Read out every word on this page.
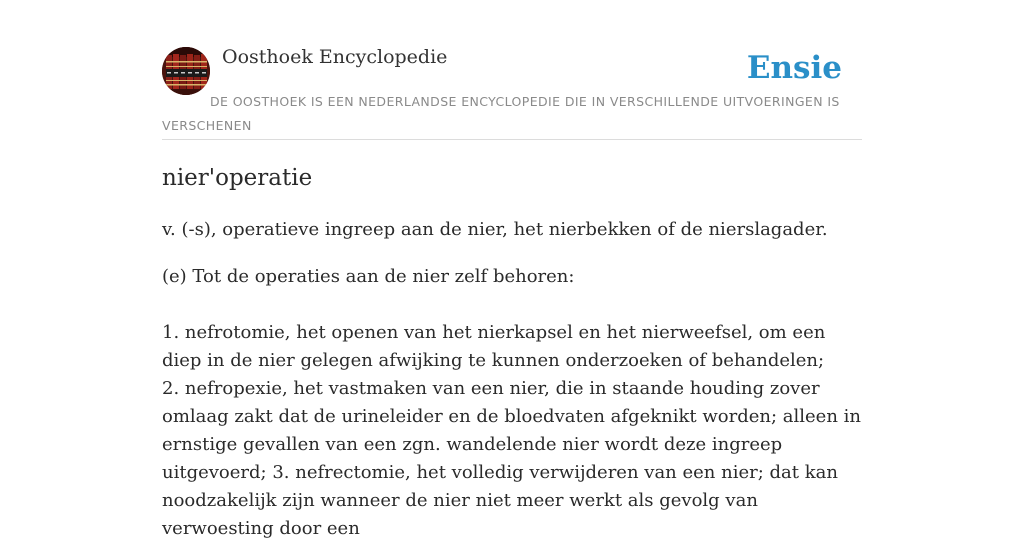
Oosthoek Encyclopedie	Ensie
DE OOSTHOEK IS EEN NEDERLANDSE ENCYCLOPEDIE DIE IN VERSCHILLENDE UITVOERINGEN IS VERSCHENEN
nier'operatie

v. (-s), operatieve ingreep aan de nier, het nierbekken of de nierslagader.

(e) Tot de operaties aan de nier zelf behoren:
1. nefrotomie, het openen van het nierkapsel en het nierweefsel, om een diep in de nier gelegen afwijking te kunnen onderzoeken of behandelen;
2. nefropexie, het vastmaken van een nier, die in staande houding zover omlaag zakt dat de urineleider en de bloedvaten afgeknikt worden; alleen in ernstige gevallen van een zgn. wandelende nier wordt deze ingreep uitgevoerd; 3. nefrectomie, het volledig verwijderen van een nier; dat kan noodzakelijk zijn wanneer de nier niet meer werkt als gevolg van verwoesting door een
